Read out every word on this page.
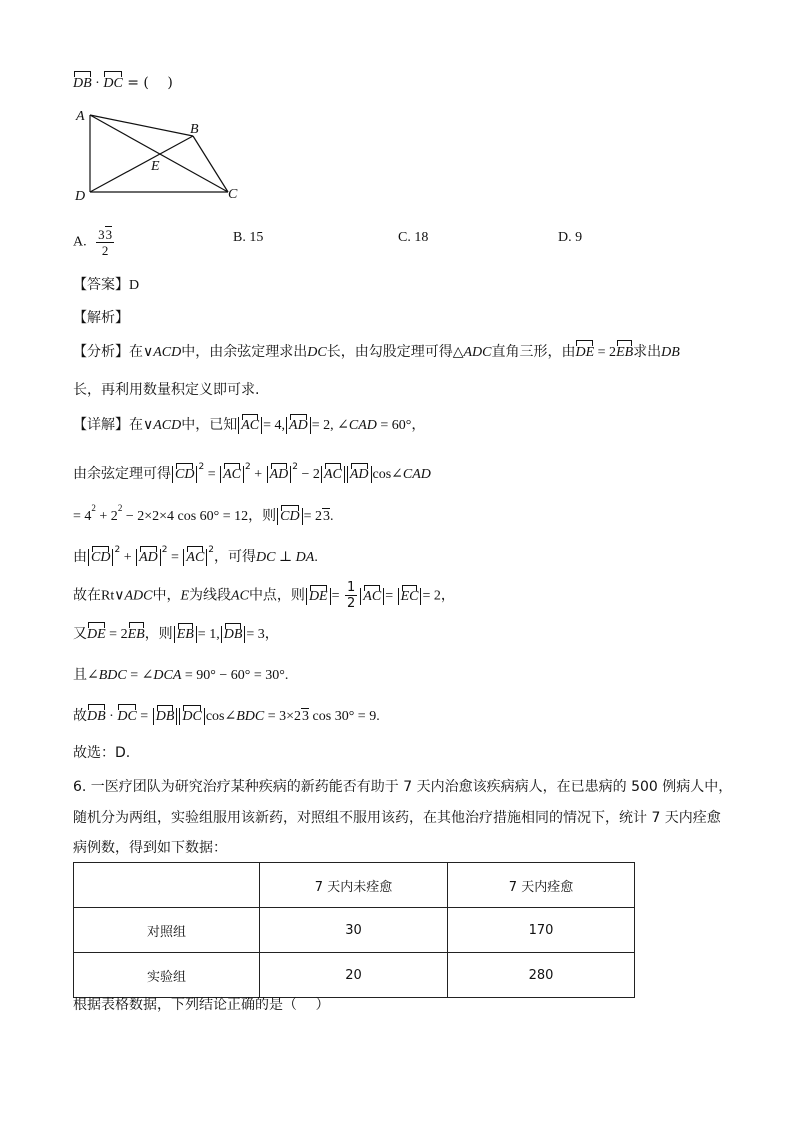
DB · DC = (　 )
A
B
C
D
E
A. $\frac{33}{2}$	B. 15	C. 18	D. 9
【答案】D
【解析】
【分析】在∨ACD中，由余弦定理求出DC长，由勾股定理可得△ADC直角三形，由DE = 2EB求出DB
长，再利用数量积定义即可求.
【详解】在∨ACD中，已知 AC = 4, AD = 2, ∠CAD = 60°，
由余弦定理可得 CD $^2$ = AC $^2$ + AD $^2$ − 2 AC AD cos∠CAD
= $4^2 + 2^2 - 2\times 2\times 4$ cos 60° = 12，则 CD = 23.
由 CD $^2$ + AD $^2$ = AC $^2$，可得DC ⊥ DA.
故在Rt∨ADC中，E为线段AC中点，则 DE = $\frac{1}{2}$ AC = EC = 2，
又DE = 2EB，则 EB = 1, DB = 3，
且∠BDC = ∠DCA = 90° − 60° = 30°.
故DB · DC = DB DC cos∠BDC = 3×23 cos 30° = 9.
故选：D.
6. 一医疗团队为研究治疗某种疾病的新药能否有助于 7 天内治愈该疾病病人，在已患病的 500 例病人中，
随机分为两组，实验组服用该新药，对照组不服用该药，在其他治疗措施相同的情况下，统计 7 天内痊愈
病例数，得到如下数据：
	7 天内未痊愈	7 天内痊愈
对照组	30	170
实验组	20	280
根据表格数据，下列结论正确的是（　 ）
